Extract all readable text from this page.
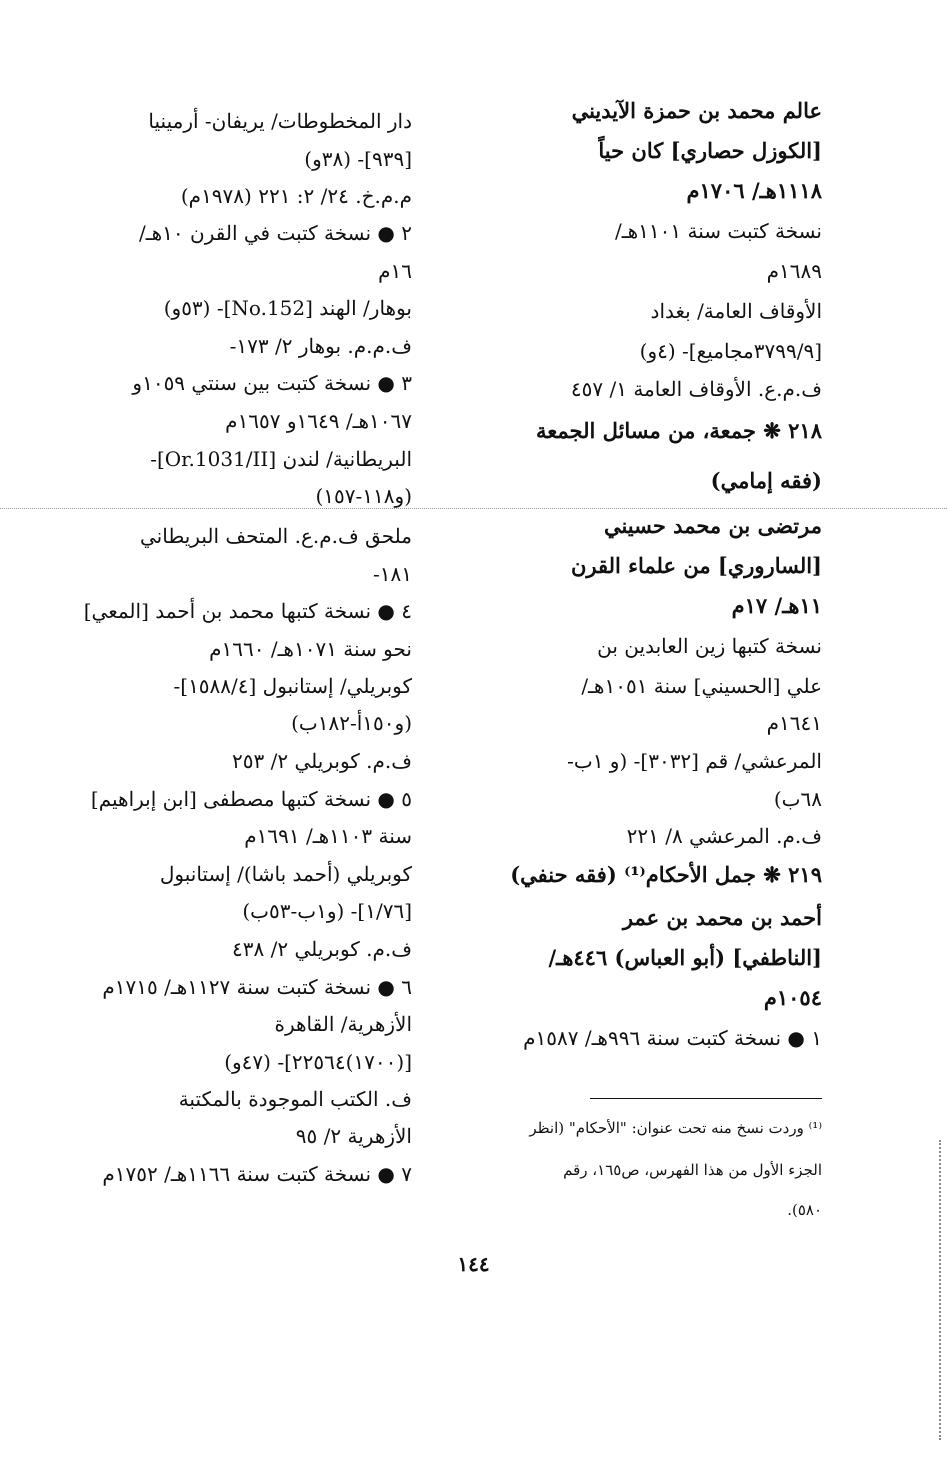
عالم محمد بن حمزة الآيديني
[الكوزل حصاري] كان حياً
١١١٨هـ/ ١٧٠٦م
نسخة كتبت سنة ١١٠١هـ/
١٦٨٩م
الأوقاف العامة/ بغداد
[٣٧٩٩/٩مجاميع]- (٤و)
ف.م.ع. الأوقاف العامة ١/ ٤٥٧
٢١٨ ❋ جمعة، من مسائل الجمعة
(فقه إمامي)
مرتضى بن محمد حسيني
[الساروري] من علماء القرن
١١هـ/ ١٧م
نسخة كتبها زين العابدين بن
علي [الحسيني] سنة ١٠٥١هـ/
١٦٤١م
المرعشي/ قم [٣٠٣٢]- (و ١ب-
٦٨ب)
ف.م. المرعشي ٨/ ٢٢١
٢١٩ ❋ جمل الأحكام⁽¹⁾ (فقه حنفي)
أحمد بن محمد بن عمر
[الناطفي] (أبو العباس) ٤٤٦هـ/
١٠٥٤م
١ ● نسخة كتبت سنة ٩٩٦هـ/ ١٥٨٧م
دار المخطوطات/ يريفان- أرمينيا
[٩٣٩]- (٣٨و)
م.م.خ. ٢٤/ ٢: ٢٢١ (١٩٧٨م)
٢ ● نسخة كتبت في القرن ١٠هـ/
١٦م
بوهار/ الهند [No.152]- (٥٣و)
ف.م.م. بوهار ٢/ ١٧٣-
٣ ● نسخة كتبت بين سنتي ١٠٥٩و
١٠٦٧هـ/ ١٦٤٩و ١٦٥٧م
البريطانية/ لندن [Or.1031/II]-
(و١١٨-١٥٧)
ملحق ف.م.ع. المتحف البريطاني
١٨١-
٤ ● نسخة كتبها محمد بن أحمد [المعي]
نحو سنة ١٠٧١هـ/ ١٦٦٠م
كوبريلي/ إستانبول [١٥٨٨/٤]-
(و١٥٠أ-١٨٢ب)
ف.م. كوبريلي ٢/ ٢٥٣
٥ ● نسخة كتبها مصطفى [ابن إبراهيم]
سنة ١١٠٣هـ/ ١٦٩١م
كوبريلي (أحمد باشا)/ إستانبول
[١/٧٦]- (و١ب-٥٣ب)
ف.م. كوبريلي ٢/ ٤٣٨
٦ ● نسخة كتبت سنة ١١٢٧هـ/ ١٧١٥م
الأزهرية/ القاهرة
[(١٧٠٠)٢٢٥٦٤]- (٤٧و)
ف. الكتب الموجودة بالمكتبة
الأزهرية ٢/ ٩٥
٧ ● نسخة كتبت سنة ١١٦٦هـ/ ١٧٥٢م
⁽¹⁾ وردت نسخ منه تحت عنوان: "الأحكام" (انظر
الجزء الأول من هذا الفهرس، ص١٦٥، رقم
٥٨٠).
١٤٤
